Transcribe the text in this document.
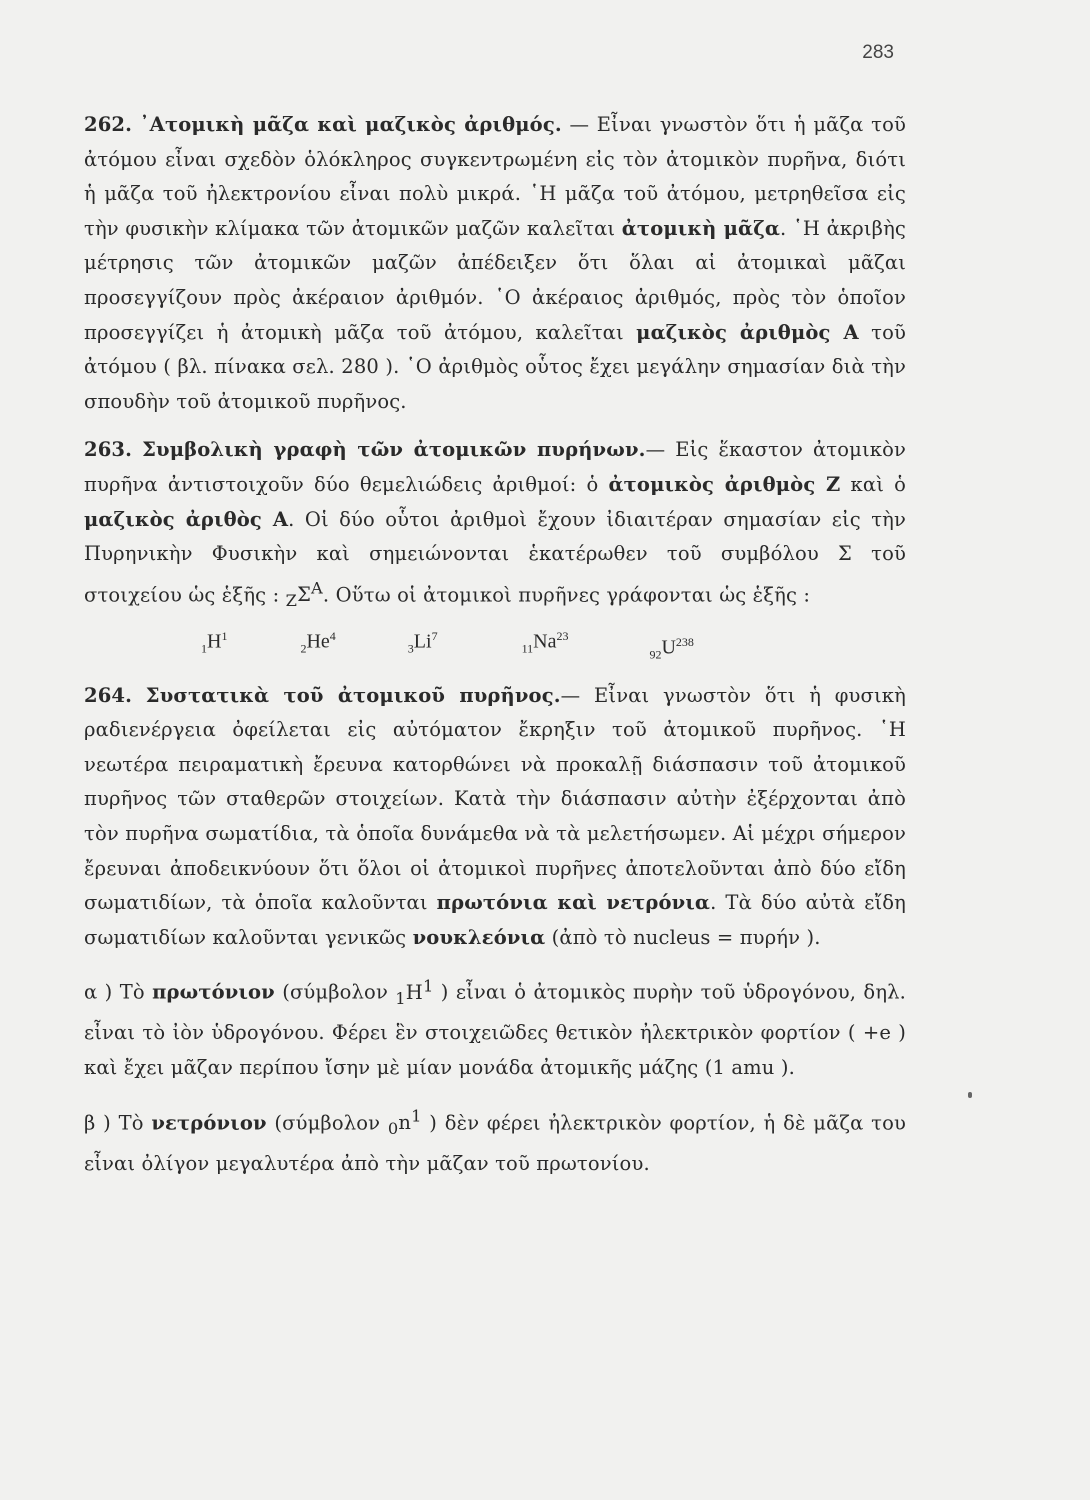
283

262. ᾽Ατομικὴ μᾶζα καὶ μαζικὸς ἀριθμός. — Εἶναι γνωστὸν ὅτι ἡ μᾶζα τοῦ ἀτόμου εἶναι σχεδὸν ὁλόκληρος συγκεντρωμένη εἰς τὸν ἀτομικὸν πυρῆνα, διότι ἡ μᾶζα τοῦ ἠλεκτρονίου εἶναι πολὺ μικρά. ῾Η μᾶζα τοῦ ἀτόμου, μετρηθεῖσα εἰς τὴν φυσικὴν κλίμακα τῶν ἀτομικῶν μαζῶν καλεῖται ἀτομικὴ μᾶζα. ῾Η ἀκριβὴς μέτρησις τῶν ἀτομικῶν μαζῶν ἀπέδειξεν ὅτι ὅλαι αἱ ἀτομικαὶ μᾶζαι προσεγγίζουν πρὸς ἀκέραιον ἀριθμόν. ῾Ο ἀκέραιος ἀριθμός, πρὸς τὸν ὁποῖον προσεγγίζει ἡ ἀτομικὴ μᾶζα τοῦ ἀτόμου, καλεῖται μαζικὸς ἀριθμὸς Α τοῦ ἀτόμου ( βλ. πίνακα σελ. 280 ). ῾Ο ἀριθμὸς οὗτος ἔχει μεγάλην σημασίαν διὰ τὴν σπουδὴν τοῦ ἀτομικοῦ πυρῆνος.

263. Συμβολικὴ γραφὴ τῶν ἀτομικῶν πυρήνων.— Εἰς ἕκαστον ἀτομικὸν πυρῆνα ἀντιστοιχοῦν δύο θεμελιώδεις ἀριθμοί: ὁ ἀτομικὸς ἀριθμὸς Ζ καὶ ὁ μαζικὸς ἀριθὸς Α. Οἱ δύο οὗτοι ἀριθμοὶ ἔχουν ἰδιαιτέραν σημασίαν εἰς τὴν Πυρηνικὴν Φυσικὴν καὶ σημειώνονται ἑκατέρωθεν τοῦ συμβόλου Σ τοῦ στοιχείου ὡς ἑξῆς : $_Z\Sigma^A$. Οὕτω οἱ ἀτομικοὶ πυρῆνες γράφονται ὡς ἑξῆς :

$_1H^1$
$_2He^4$
$_3Li^7$
$_{11}Na^{23}$
$_{92}U^{238}$

264. Συστατικὰ τοῦ ἀτομικοῦ πυρῆνος.— Εἶναι γνωστὸν ὅτι ἡ φυσικὴ ραδιενέργεια ὀφείλεται εἰς αὐτόματον ἔκρηξιν τοῦ ἀτομικοῦ πυρῆνος. ῾Η νεωτέρα πειραματικὴ ἔρευνα κατορθώνει νὰ προκαλῇ διάσπασιν τοῦ ἀτομικοῦ πυρῆνος τῶν σταθερῶν στοιχείων. Κατὰ τὴν διάσπασιν αὐτὴν ἐξέρχονται ἀπὸ τὸν πυρῆνα σωματίδια, τὰ ὁποῖα δυνάμεθα νὰ τὰ μελετήσωμεν. Αἱ μέχρι σήμερον ἔρευναι ἀποδεικνύουν ὅτι ὅλοι οἱ ἀτομικοὶ πυρῆνες ἀποτελοῦνται ἀπὸ δύο εἴδη σωματιδίων, τὰ ὁποῖα καλοῦνται πρωτόνια καὶ νετρόνια. Τὰ δύο αὐτὰ εἴδη σωματιδίων καλοῦνται γενικῶς νουκλεόνια (ἀπὸ τὸ nucleus = πυρήν ).

α ) Τὸ πρωτόνιον (σύμβολον $_1H^1$ ) εἶναι ὁ ἀτομικὸς πυρὴν τοῦ ὑδρογόνου, δηλ. εἶναι τὸ ἰὸν ὑδρογόνου. Φέρει ἓν στοιχειῶδες θετικὸν ἠλεκτρικὸν φορτίον ( +e ) καὶ ἔχει μᾶζαν περίπου ἴσην μὲ μίαν μονάδα ἀτομικῆς μάζης (1 amu ).

β ) Τὸ νετρόνιον (σύμβολον $_0n^1$ ) δὲν φέρει ἠλεκτρικὸν φορτίον, ἡ δὲ μᾶζα του εἶναι ὀλίγον μεγαλυτέρα ἀπὸ τὴν μᾶζαν τοῦ πρωτονίου.
